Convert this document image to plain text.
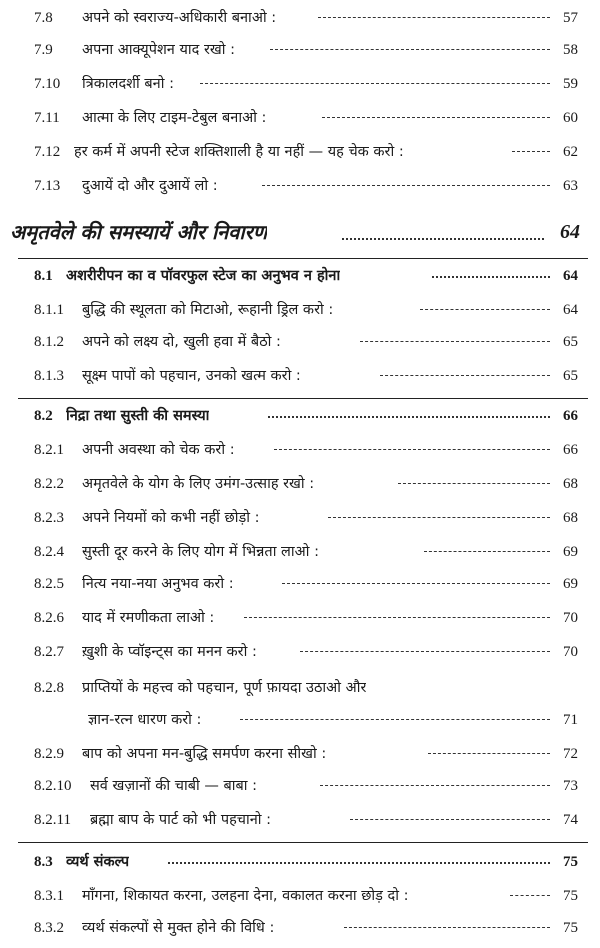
7.8 अपने को स्वराज्य-अधिकारी बनाओ :	57
7.9 अपना आक्यूपेशन याद रखो :	58
7.10 त्रिकालदर्शी बनो :	59
7.11 आत्मा के लिए टाइम-टेबुल बनाओ :	60
7.12 हर कर्म में अपनी स्टेज शक्तिशाली है या नहीं — यह चेक करो :	62
7.13 दुआयें दो और दुआयें लो :	63
अमृतवेले की समस्यायें और निवारण	64
8.1 अशरीरीपन का व पॉवरफुल स्टेज का अनुभव न होना	64
8.1.1 बुद्धि की स्थूलता को मिटाओ, रूहानी ड्रिल करो :	64
8.1.2 अपने को लक्ष्य दो, खुली हवा में बैठो :	65
8.1.3 सूक्ष्म पापों को पहचान, उनको खत्म करो :	65
8.2 निद्रा तथा सुस्ती की समस्या	66
8.2.1 अपनी अवस्था को चेक करो :	66
8.2.2 अमृतवेले के योग के लिए उमंग-उत्साह रखो :	68
8.2.3 अपने नियमों को कभी नहीं छोड़ो :	68
8.2.4 सुस्ती दूर करने के लिए योग में भिन्नता लाओ :	69
8.2.5 नित्य नया-नया अनुभव करो :	69
8.2.6 याद में रमणीकता लाओ :	70
8.2.7 ख़ुशी के प्वॉइन्ट्स का मनन करो :	70
8.2.8 प्राप्तियों के महत्त्व को पहचान, पूर्ण फ़ायदा उठाओ और
ज्ञान-रत्न धारण करो :	71
8.2.9 बाप को अपना मन-बुद्धि समर्पण करना सीखो :	72
8.2.10 सर्व खज़ानों की चाबी — बाबा :	73
8.2.11 ब्रह्मा बाप के पार्ट को भी पहचानो :	74
8.3 व्यर्थ संकल्प	75
8.3.1 माँगना, शिकायत करना, उलहना देना, वकालत करना छोड़ दो :	75
8.3.2 व्यर्थ संकल्पों से मुक्त होने की विधि :	75
